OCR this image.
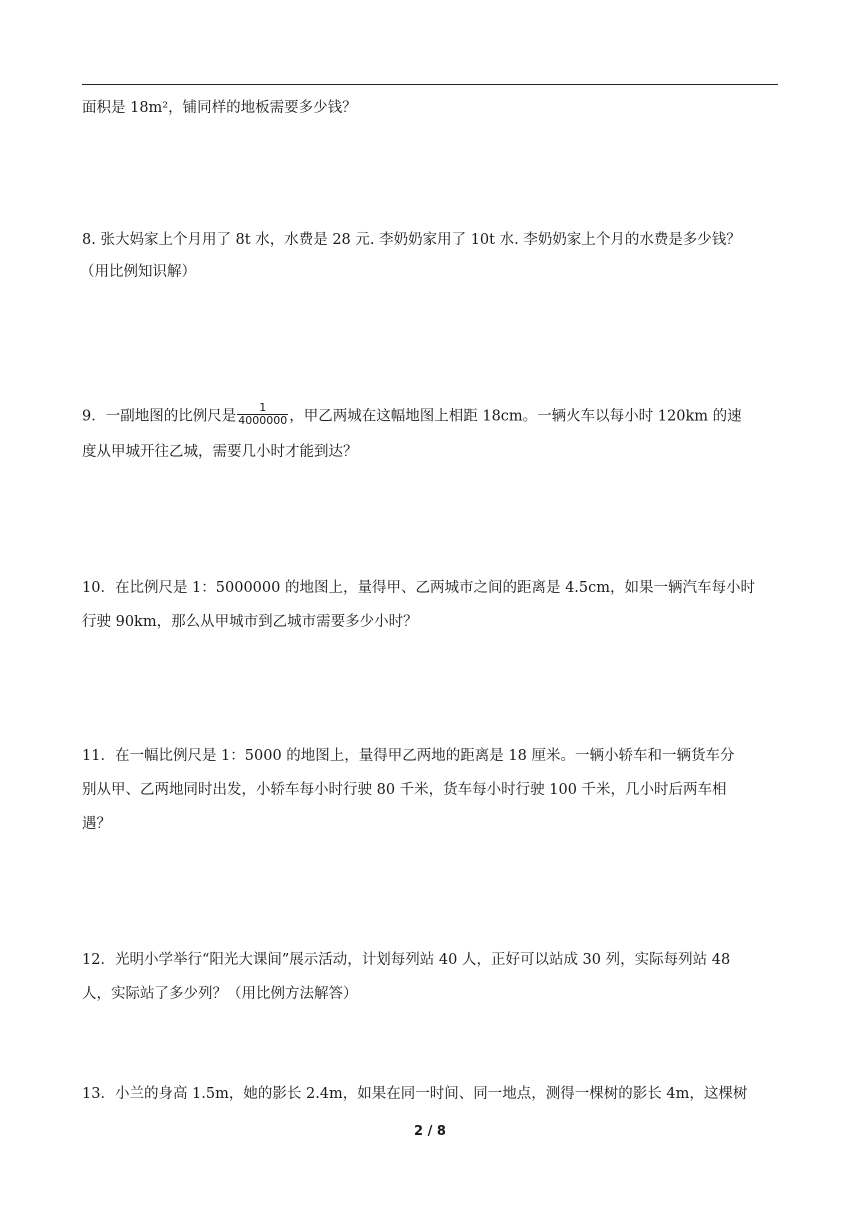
面积是 18m²，铺同样的地板需要多少钱？
8. 张大妈家上个月用了 8t 水，水费是 28 元. 李奶奶家用了 10t 水. 李奶奶家上个月的水费是多少钱？
（用比例知识解）
9．一副地图的比例尺是 $\frac{1}{4000000}$ ，甲乙两城在这幅地图上相距 18cm。一辆火车以每小时 120km 的速
度从甲城开往乙城，需要几小时才能到达？
10．在比例尺是 1：5000000 的地图上，量得甲、乙两城市之间的距离是 4.5cm，如果一辆汽车每小时
行驶 90km，那么从甲城市到乙城市需要多少小时？
11．在一幅比例尺是 1：5000 的地图上，量得甲乙两地的距离是 18 厘米。一辆小轿车和一辆货车分
别从甲、乙两地同时出发，小轿车每小时行驶 80 千米，货车每小时行驶 100 千米，几小时后两车相
遇？
12．光明小学举行“阳光大课间”展示活动，计划每列站 40 人，正好可以站成 30 列，实际每列站 48
人，实际站了多少列？（用比例方法解答）
13．小兰的身高 1.5m，她的影长 2.4m，如果在同一时间、同一地点，测得一棵树的影长 4m，这棵树
2 / 8
